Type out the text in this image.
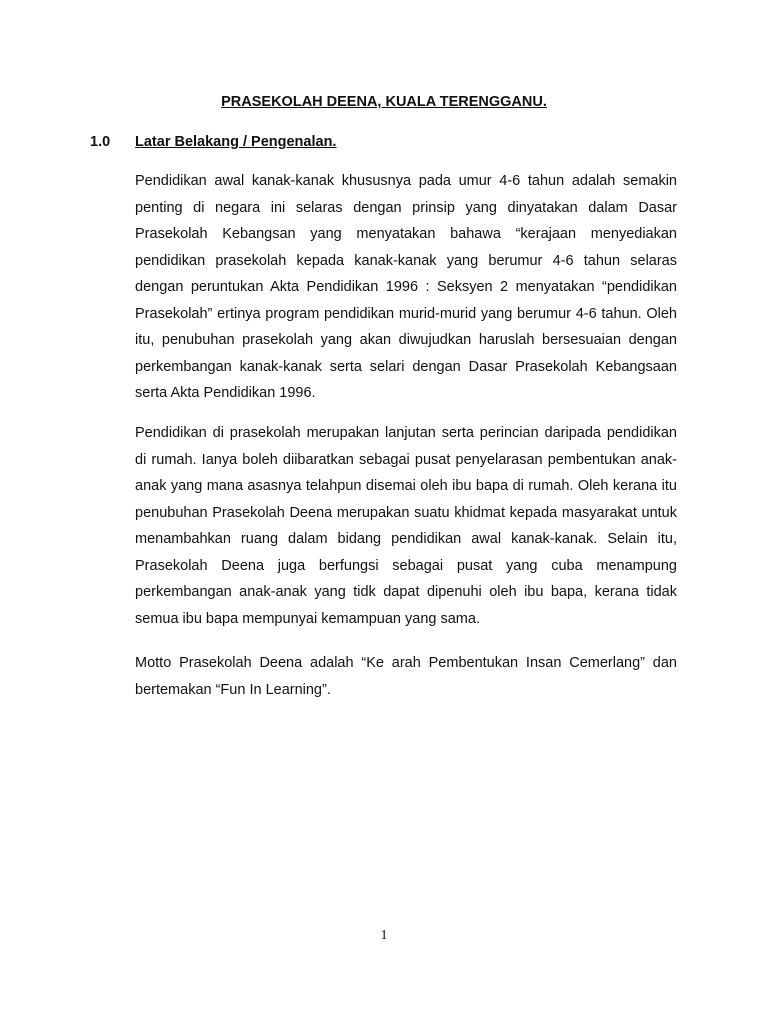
PRASEKOLAH DEENA, KUALA TERENGGANU.
1.0 Latar Belakang / Pengenalan.

Pendidikan awal kanak-kanak khususnya pada umur 4-6 tahun adalah semakin penting di negara ini selaras dengan prinsip yang dinyatakan dalam Dasar Prasekolah Kebangsan yang menyatakan bahawa “kerajaan menyediakan pendidikan prasekolah kepada kanak-kanak yang berumur 4-6 tahun selaras dengan peruntukan Akta Pendidikan 1996 : Seksyen 2 menyatakan “pendidikan Prasekolah” ertinya program pendidikan murid-murid yang berumur 4-6 tahun. Oleh itu, penubuhan prasekolah yang akan diwujudkan haruslah bersesuaian dengan perkembangan kanak-kanak serta selari dengan Dasar Prasekolah Kebangsaan serta Akta Pendidikan 1996.

Pendidikan di prasekolah merupakan lanjutan serta perincian daripada pendidikan di rumah. Ianya boleh diibaratkan sebagai pusat penyelarasan pembentukan anak-anak yang mana asasnya telahpun disemai oleh ibu bapa di rumah. Oleh kerana itu penubuhan Prasekolah Deena merupakan suatu khidmat kepada masyarakat untuk menambahkan ruang dalam bidang pendidikan awal kanak-kanak. Selain itu, Prasekolah Deena juga berfungsi sebagai pusat yang cuba menampung perkembangan anak-anak yang tidk dapat dipenuhi oleh ibu bapa, kerana tidak semua ibu bapa mempunyai kemampuan yang sama.

Motto Prasekolah Deena adalah “Ke arah Pembentukan Insan Cemerlang” dan bertemakan “Fun In Learning”.

1
